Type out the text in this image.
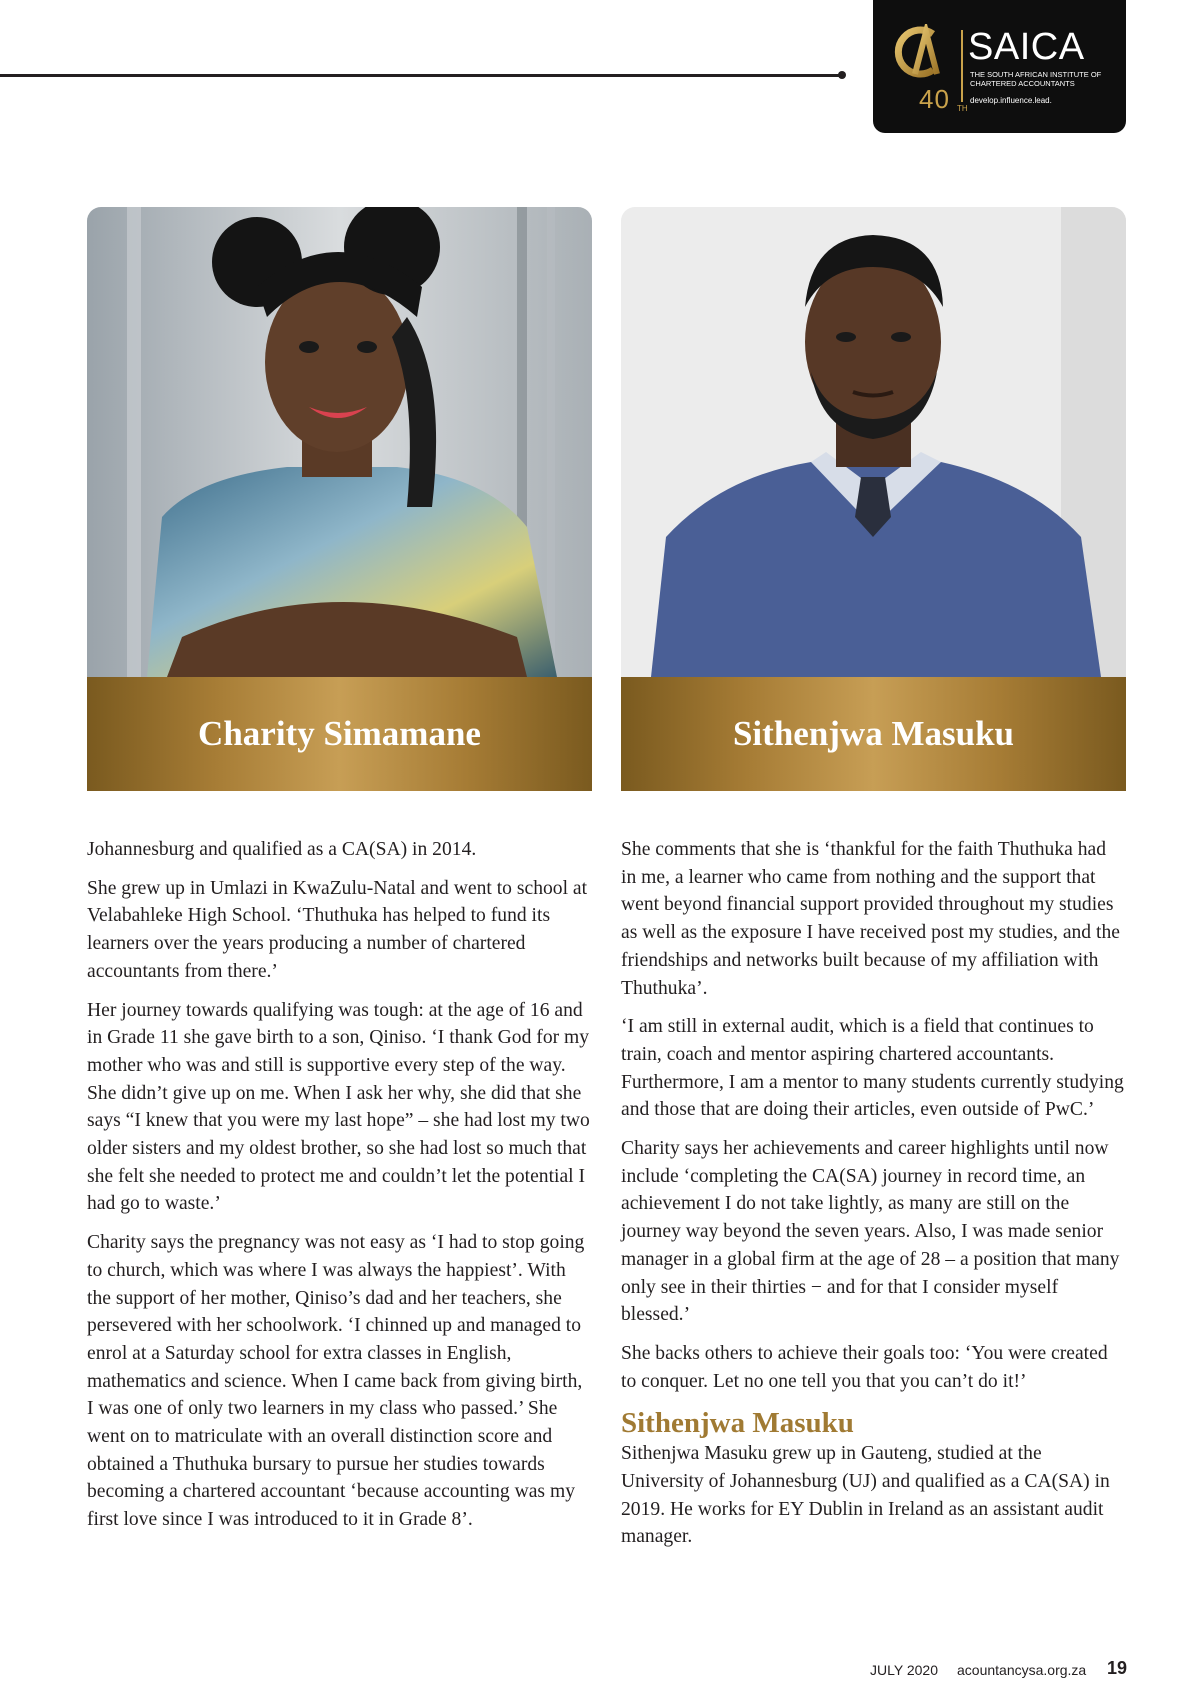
40 TH
SAICA
THE SOUTH AFRICAN INSTITUTE OF CHARTERED ACCOUNTANTS
develop.influence.lead.
Charity Simamane	Sithenjwa Masuku

Johannesburg and qualified as a CA(SA) in 2014.

She grew up in Umlazi in KwaZulu-Natal and went to school at Velabahleke High School. ‘Thuthuka has helped to fund its learners over the years producing a number of chartered accountants from there.’

Her journey towards qualifying was tough: at the age of 16 and in Grade 11 she gave birth to a son, Qiniso. ‘I thank God for my mother who was and still is supportive every step of the way. She didn’t give up on me. When I ask her why, she did that she says “I knew that you were my last hope” – she had lost my two older sisters and my oldest brother, so she had lost so much that she felt she needed to protect me and couldn’t let the potential I had go to waste.’

Charity says the pregnancy was not easy as ‘I had to stop going to church, which was where I was always the happiest’. With the support of her mother, Qiniso’s dad and her teachers, she persevered with her schoolwork. ‘I chinned up and managed to enrol at a Saturday school for extra classes in English, mathematics and science. When I came back from giving birth, I was one of only two learners in my class who passed.’ She went on to matriculate with an overall distinction score and obtained a Thuthuka bursary to pursue her studies towards becoming a chartered accountant ‘because accounting was my first love since I was introduced to it in Grade 8’.

She comments that she is ‘thankful for the faith Thuthuka had in me, a learner who came from nothing and the support that went beyond financial support provided throughout my studies as well as the exposure I have received post my studies, and the friendships and networks built because of my affiliation with Thuthuka’.

‘I am still in external audit, which is a field that continues to train, coach and mentor aspiring chartered accountants. Furthermore, I am a mentor to many students currently studying and those that are doing their articles, even outside of PwC.’

Charity says her achievements and career highlights until now include ‘completing the CA(SA) journey in record time, an achievement I do not take lightly, as many are still on the journey way beyond the seven years. Also, I was made senior manager in a global firm at the age of 28 – a position that many only see in their thirties − and for that I consider myself blessed.’

She backs others to achieve their goals too: ‘You were created to conquer. Let no one tell you that you can’t do it!’

Sithenjwa Masuku

Sithenjwa Masuku grew up in Gauteng, studied at the University of Johannesburg (UJ) and qualified as a CA(SA) in 2019. He works for EY Dublin in Ireland as an assistant audit manager.

JULY 2020 acountancysa.org.za 19
